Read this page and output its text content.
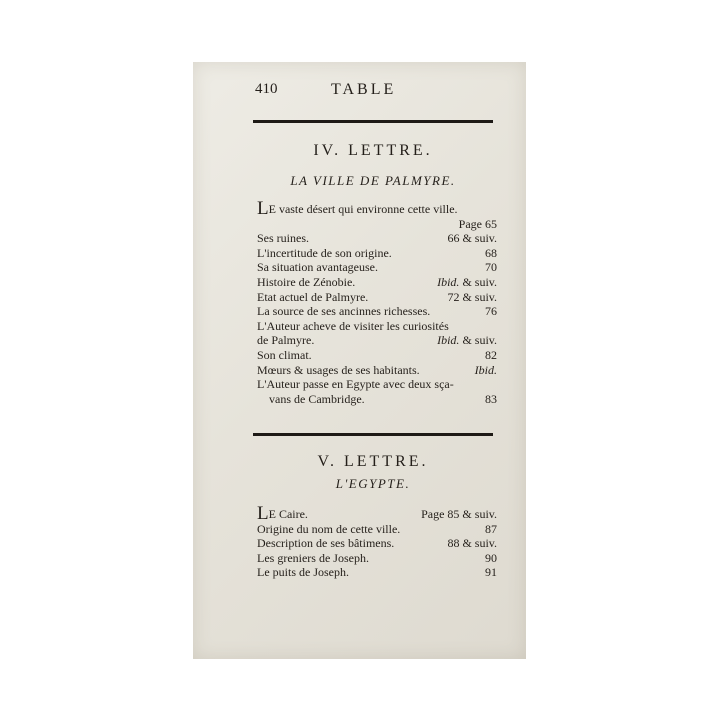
410	TABLE
IV. LETTRE.
LA VILLE DE PALMYRE.
LE vaste désert qui environne cette ville.
Page 65
Ses ruines.	66 & suiv.
L'incertitude de son origine.	68
Sa situation avantageuse.	70
Histoire de Zénobie.	Ibid. & suiv.
Etat actuel de Palmyre.	72 & suiv.
La source de ses ancinnes richesses.	76
L'Auteur acheve de visiter les curiosités
de Palmyre.	Ibid. & suiv.
Son climat.	82
Mœurs & usages de ses habitants.	Ibid.
L'Auteur passe en Egypte avec deux sça-
vans de Cambridge.	83
V. LETTRE.
L'EGYPTE.
LE Caire.	Page 85 & suiv.
Origine du nom de cette ville.	87
Description de ses bâtimens.	88 & suiv.
Les greniers de Joseph.	90
Le puits de Joseph.	91
